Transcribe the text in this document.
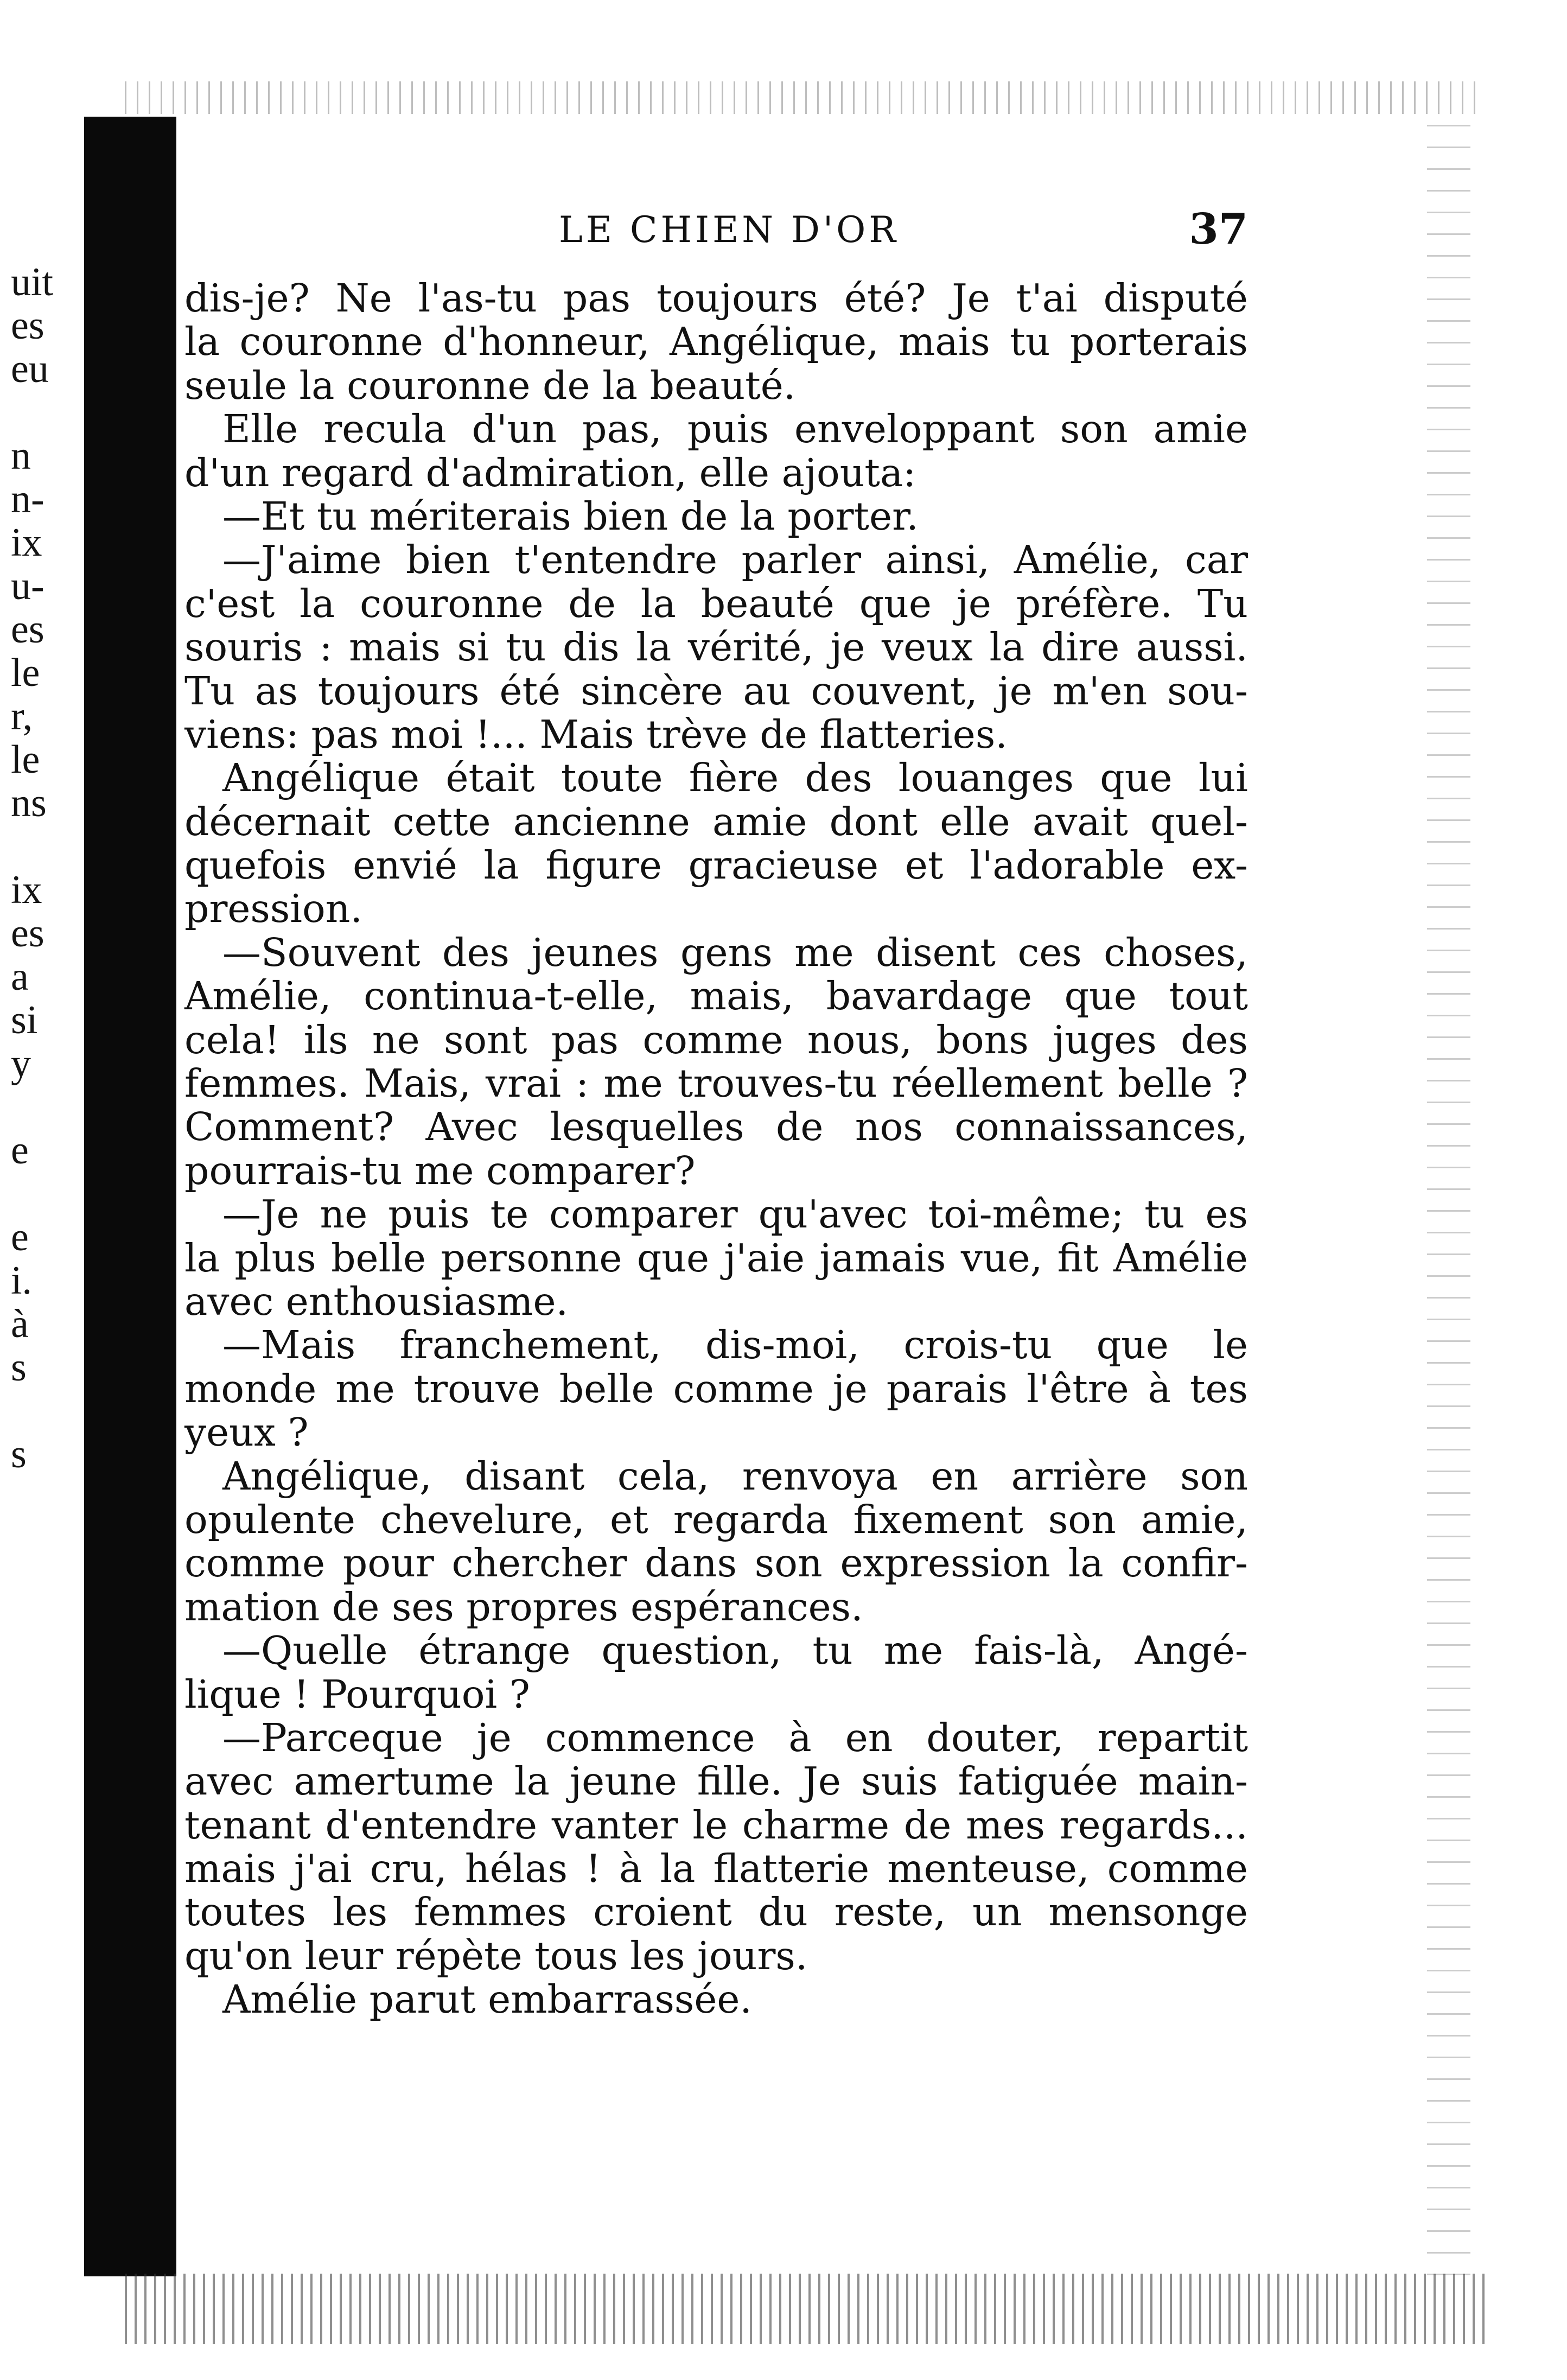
uit
es
eu
n
n-
ix
u-
es
le
r,
le
ns
ix
es
a
si
y
e
e
i.
à
s
s
LE CHIEN D'OR	37
dis-je? Ne l'as-tu pas toujours été? Je t'ai disputé
la couronne d'honneur, Angélique, mais tu porterais
seule la couronne de la beauté.
Elle recula d'un pas, puis enveloppant son amie
d'un regard d'admiration, elle ajouta:
—Et tu mériterais bien de la porter.
—J'aime bien t'entendre parler ainsi, Amélie, car
c'est la couronne de la beauté que je préfère. Tu
souris : mais si tu dis la vérité, je veux la dire aussi.
Tu as toujours été sincère au couvent, je m'en sou-
viens: pas moi !... Mais trève de flatteries.
Angélique était toute fière des louanges que lui
décernait cette ancienne amie dont elle avait quel-
quefois envié la figure gracieuse et l'adorable ex-
pression.
—Souvent des jeunes gens me disent ces choses,
Amélie, continua-t-elle, mais, bavardage que tout
cela! ils ne sont pas comme nous, bons juges des
femmes. Mais, vrai : me trouves-tu réellement belle ?
Comment? Avec lesquelles de nos connaissances,
pourrais-tu me comparer?
—Je ne puis te comparer qu'avec toi-même; tu es
la plus belle personne que j'aie jamais vue, fit Amélie
avec enthousiasme.
—Mais franchement, dis-moi, crois-tu que le
monde me trouve belle comme je parais l'être à tes
yeux ?
Angélique, disant cela, renvoya en arrière son
opulente chevelure, et regarda fixement son amie,
comme pour chercher dans son expression la confir-
mation de ses propres espérances.
—Quelle étrange question, tu me fais-là, Angé-
lique ! Pourquoi ?
—Parceque je commence à en douter, repartit
avec amertume la jeune fille. Je suis fatiguée main-
tenant d'entendre vanter le charme de mes regards...
mais j'ai cru, hélas ! à la flatterie menteuse, comme
toutes les femmes croient du reste, un mensonge
qu'on leur répète tous les jours.
Amélie parut embarrassée.
